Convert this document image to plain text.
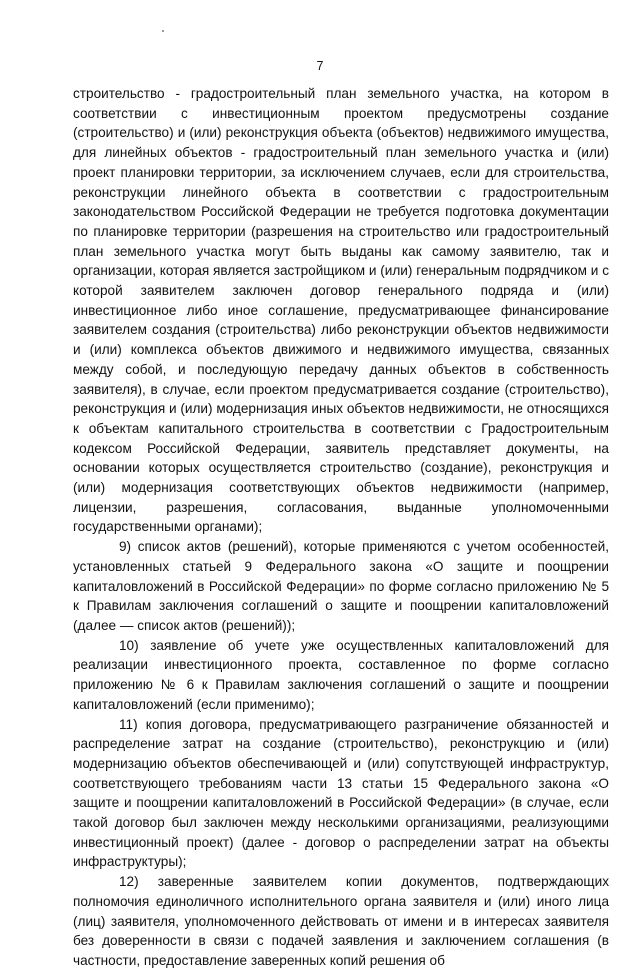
7

строительство - градостроительный план земельного участка, на котором в соответствии с инвестиционным проектом предусмотрены создание (строительство) и (или) реконструкция объекта (объектов) недвижимого имущества, для линейных объектов - градостроительный план земельного участка и (или) проект планировки территории, за исключением случаев, если для строительства, реконструкции линейного объекта в соответствии с градостроительным законодательством Российской Федерации не требуется подготовка документации по планировке территории (разрешения на строительство или градостроительный план земельного участка могут быть выданы как самому заявителю, так и организации, которая является застройщиком и (или) генеральным подрядчиком и с которой заявителем заключен договор генерального подряда и (или) инвестиционное либо иное соглашение, предусматривающее финансирование заявителем создания (строительства) либо реконструкции объектов недвижимости и (или) комплекса объектов движимого и недвижимого имущества, связанных между собой, и последующую передачу данных объектов в собственность заявителя), в случае, если проектом предусматривается создание (строительство), реконструкция и (или) модернизация иных объектов недвижимости, не относящихся к объектам капитального строительства в соответствии с Градостроительным кодексом Российской Федерации, заявитель представляет документы, на основании которых осуществляется строительство (создание), реконструкция и (или) модернизация соответствующих объектов недвижимости (например, лицензии, разрешения, согласования, выданные уполномоченными государственными органами);

9) список актов (решений), которые применяются с учетом особенностей, установленных статьей 9 Федерального закона «О защите и поощрении капиталовложений в Российской Федерации» по форме согласно приложению № 5 к Правилам заключения соглашений о защите и поощрении капиталовложений (далее — список актов (решений));

10) заявление об учете уже осуществленных капиталовложений для реализации инвестиционного проекта, составленное по форме согласно приложению № 6 к Правилам заключения соглашений о защите и поощрении капиталовложений (если применимо);

11) копия договора, предусматривающего разграничение обязанностей и распределение затрат на создание (строительство), реконструкцию и (или) модернизацию объектов обеспечивающей и (или) сопутствующей инфраструктур, соответствующего требованиям части 13 статьи 15 Федерального закона «О защите и поощрении капиталовложений в Российской Федерации» (в случае, если такой договор был заключен между несколькими организациями, реализующими инвестиционный проект) (далее - договор о распределении затрат на объекты инфраструктуры);

12) заверенные заявителем копии документов, подтверждающих полномочия единоличного исполнительного органа заявителя и (или) иного лица (лиц) заявителя, уполномоченного действовать от имени и в интересах заявителя без доверенности в связи с подачей заявления и заключением соглашения (в частности, предоставление заверенных копий решения об
